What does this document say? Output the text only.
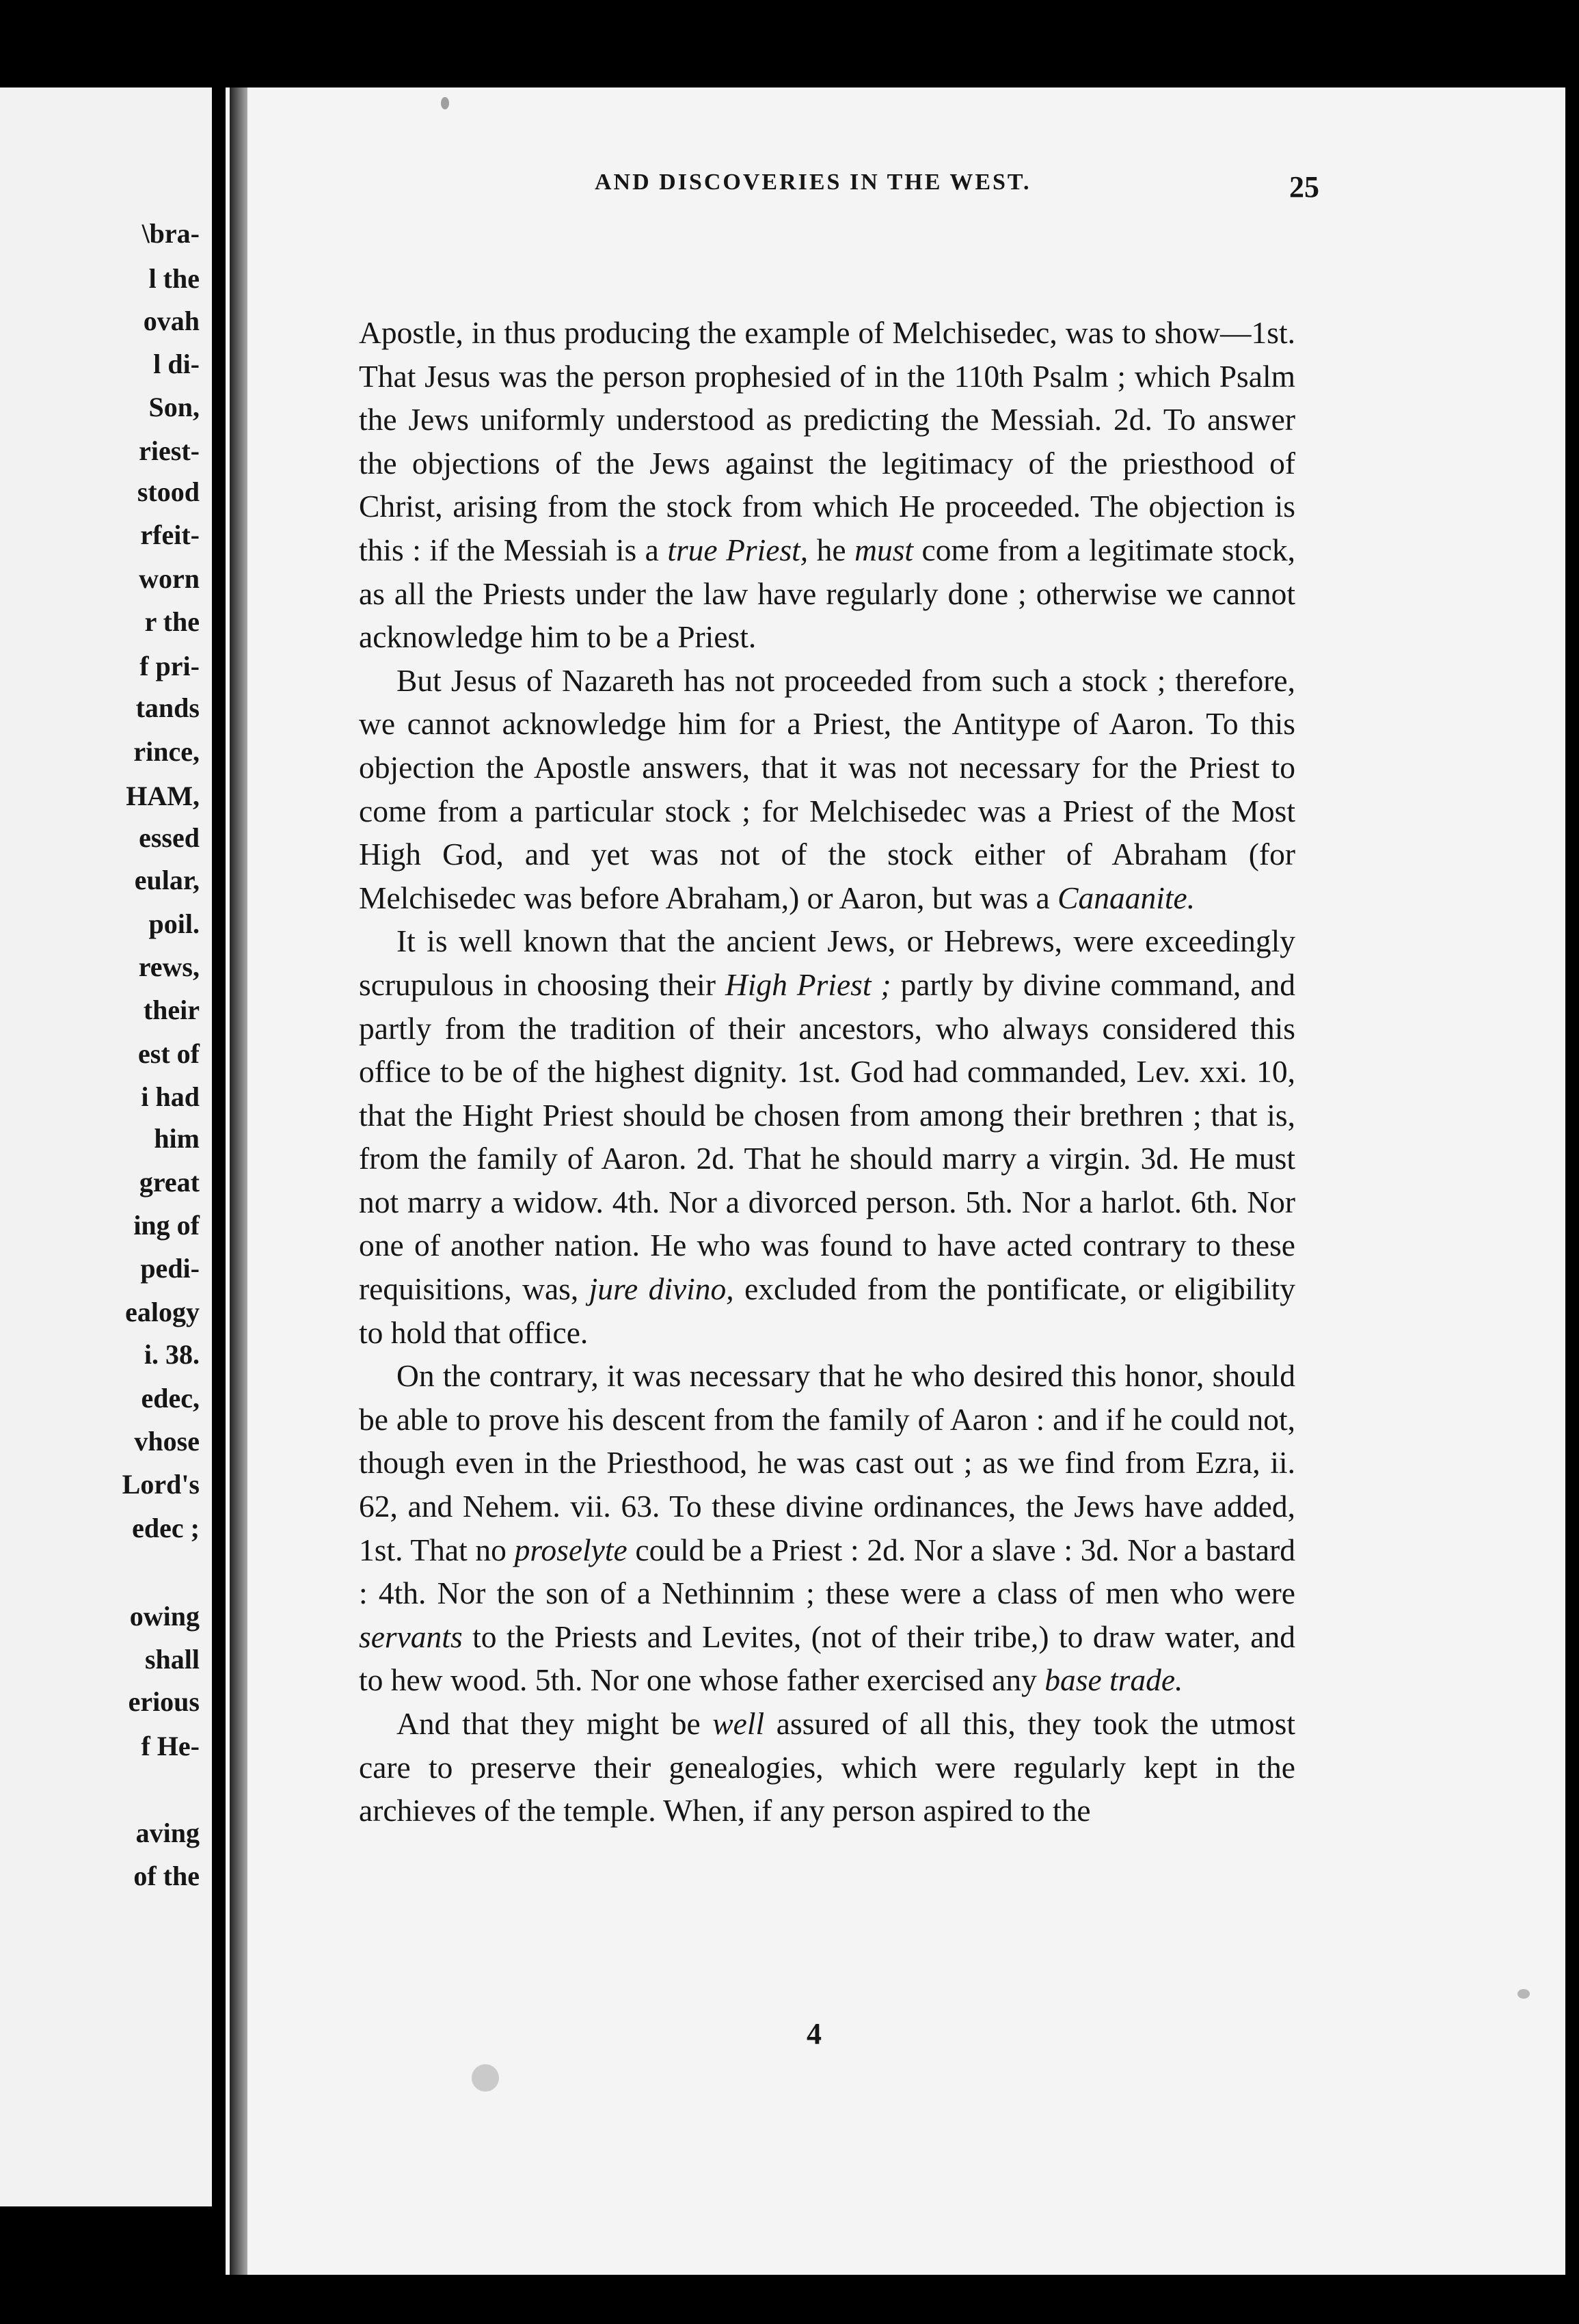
\bra-
l the
ovah
l di-
Son,
riest-
stood
rfeit-
worn
r the
f pri-
tands
rince,
HAM,
essed
eular,
poil.
rews,
their
est of
i had
him
great
ing of
pedi-
ealogy
i. 38.
edec,
vhose
Lord's
edec ;
owing
shall
erious
f He-
aving
of the
AND DISCOVERIES IN THE WEST.	25

Apostle, in thus producing the example of Melchisedec, was to show—1st. That Jesus was the person prophesied of in the 110th Psalm ; which Psalm the Jews uniformly understood as predicting the Messiah. 2d. To answer the objections of the Jews against the legitimacy of the priesthood of Christ, arising from the stock from which He proceeded. The objection is this : if the Messiah is a true Priest, he must come from a legitimate stock, as all the Priests under the law have regularly done ; otherwise we cannot acknowledge him to be a Priest.

But Jesus of Nazareth has not proceeded from such a stock ; therefore, we cannot acknowledge him for a Priest, the Antitype of Aaron. To this objection the Apostle answers, that it was not necessary for the Priest to come from a particular stock ; for Melchisedec was a Priest of the Most High God, and yet was not of the stock either of Abraham (for Melchisedec was before Abraham,) or Aaron, but was a Canaanite.

It is well known that the ancient Jews, or Hebrews, were exceedingly scrupulous in choosing their High Priest ; partly by divine command, and partly from the tradition of their ancestors, who always considered this office to be of the highest dignity. 1st. God had commanded, Lev. xxi. 10, that the Hight Priest should be chosen from among their brethren ; that is, from the family of Aaron. 2d. That he should marry a virgin. 3d. He must not marry a widow. 4th. Nor a divorced person. 5th. Nor a harlot. 6th. Nor one of another nation. He who was found to have acted contrary to these requisitions, was, jure divino, excluded from the pontificate, or eligibility to hold that office.

On the contrary, it was necessary that he who desired this honor, should be able to prove his descent from the family of Aaron : and if he could not, though even in the Priesthood, he was cast out ; as we find from Ezra, ii. 62, and Nehem. vii. 63. To these divine ordinances, the Jews have added, 1st. That no proselyte could be a Priest : 2d. Nor a slave : 3d. Nor a bastard : 4th. Nor the son of a Nethinnim ; these were a class of men who were servants to the Priests and Levites, (not of their tribe,) to draw water, and to hew wood. 5th. Nor one whose father exercised any base trade.

And that they might be well assured of all this, they took the utmost care to preserve their genealogies, which were regularly kept in the archieves of the temple. When, if any person aspired to the

4
